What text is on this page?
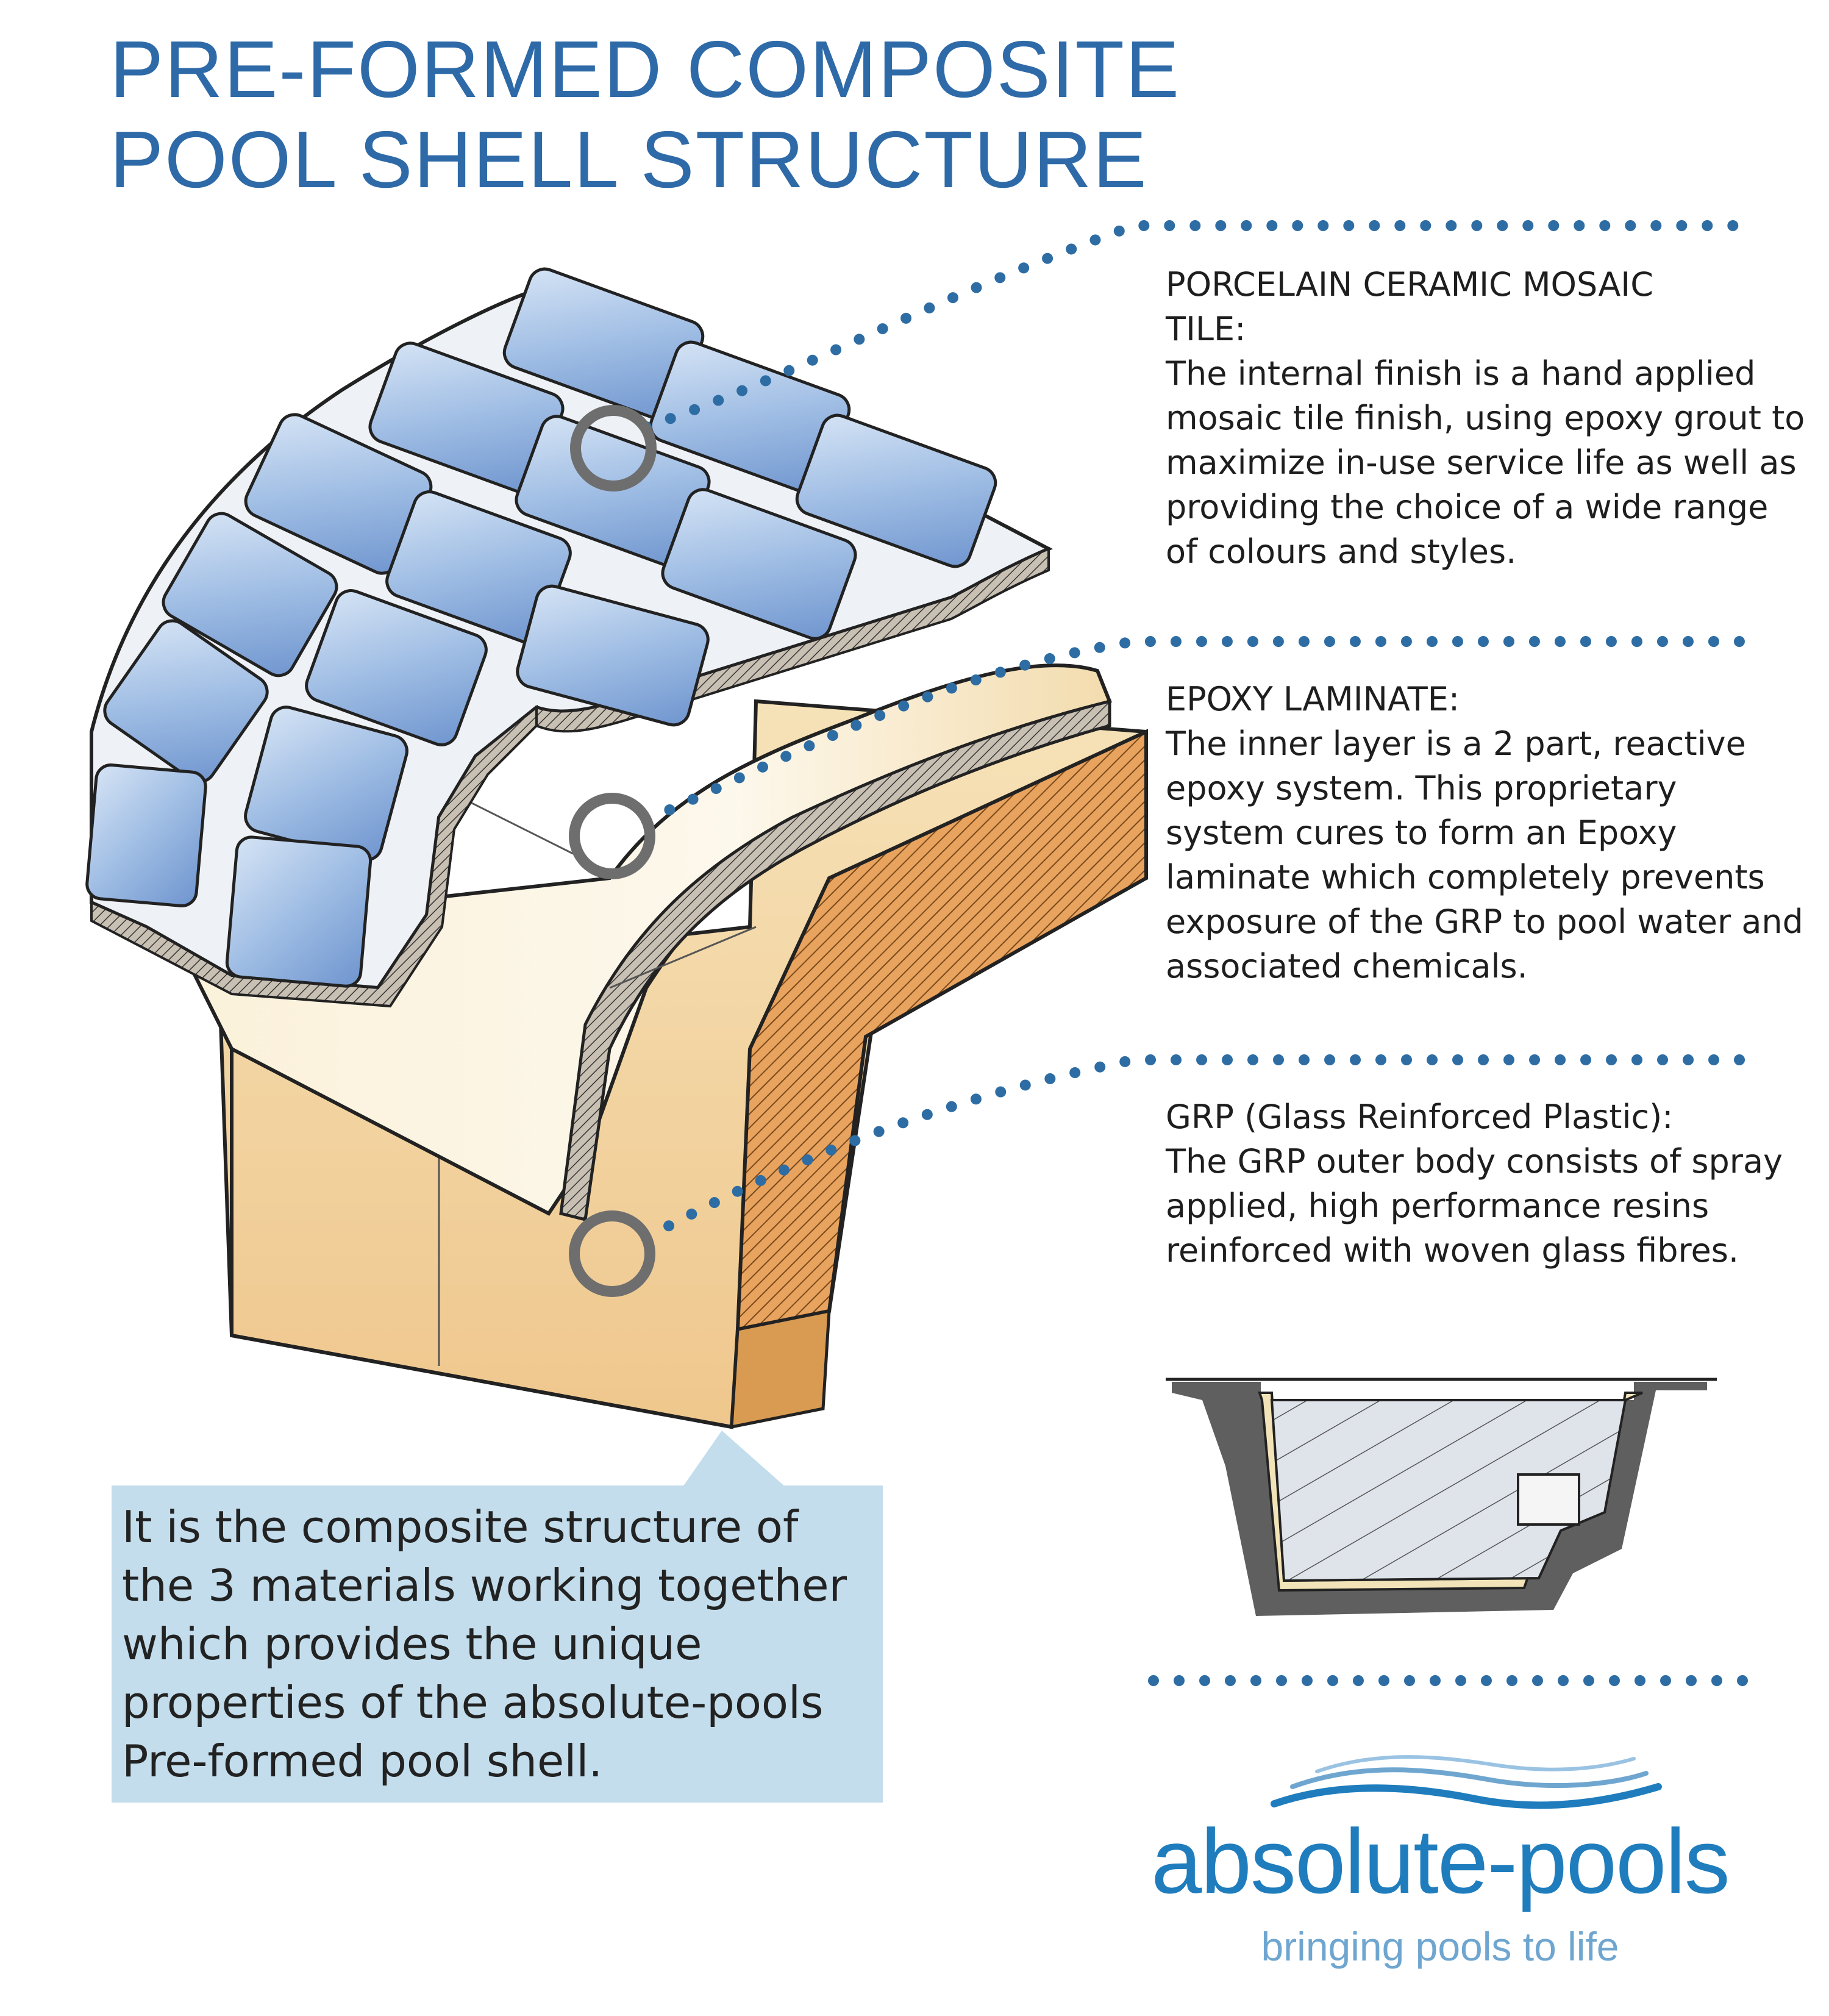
PRE-FORMED COMPOSITE
POOL SHELL STRUCTURE
PORCELAIN CERAMIC MOSAIC
TILE:
The internal finish is a hand applied mosaic tile finish, using epoxy grout to maximize in-use service life as well as providing the choice of a wide range of colours and styles.
EPOXY LAMINATE:
The inner layer is a 2 part, reactive epoxy system. This proprietary system cures to form an Epoxy laminate which completely prevents exposure of the GRP to pool water and associated chemicals.
GRP (Glass Reinforced Plastic):
The GRP outer body consists of spray applied, high performance resins reinforced with woven glass fibres.
It is the composite structure of the 3 materials working together which provides the unique properties of the absolute-pools Pre-formed pool shell.
absolute-pools
bringing pools to life
